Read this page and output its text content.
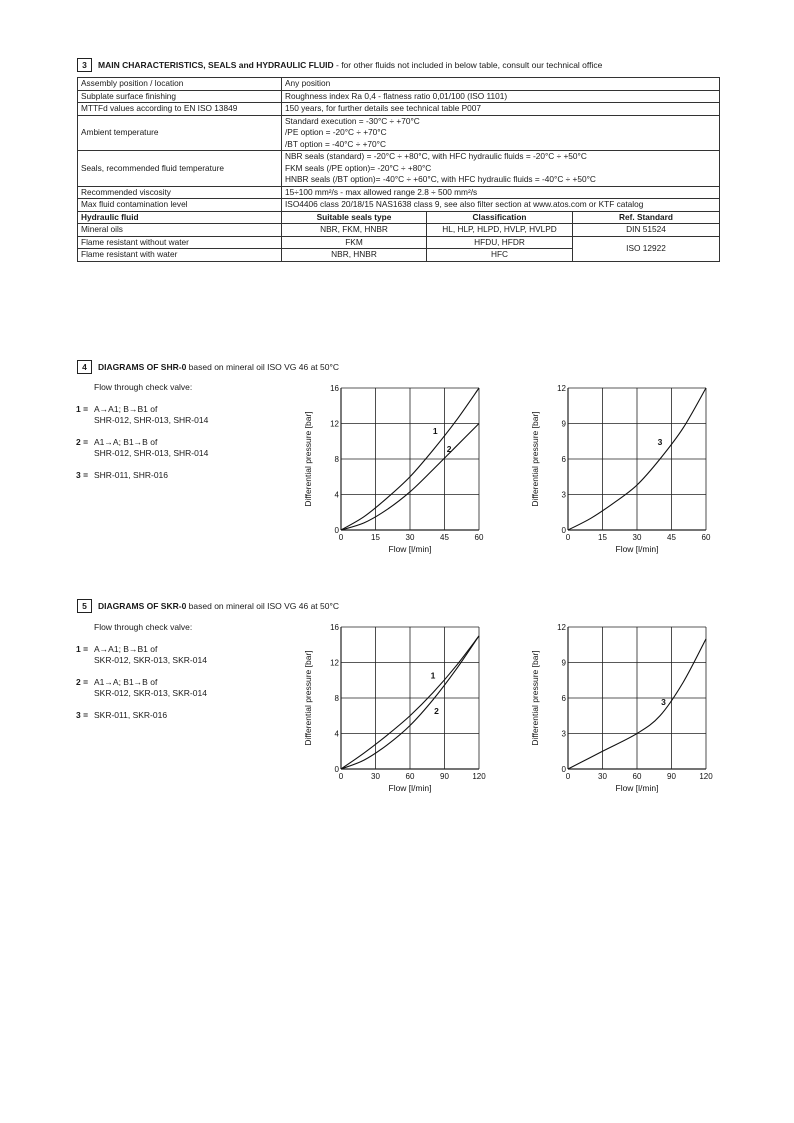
3	MAIN CHARACTERISTICS, SEALS and HYDRAULIC FLUID - for other fluids not included in below table, consult our technical office
Assembly position / location	Any position		

Subplate surface finishing	Roughness index Ra 0,4 - flatness ratio 0,01/100 (ISO 1101)		

MTTFd values according to EN ISO 13849	150 years, for further details see technical table P007		

Ambient temperature	Standard execution = -30°C ÷ +70°C
/PE option = -20°C ÷ +70°C
/BT option = -40°C ÷ +70°C		

Seals, recommended fluid temperature	NBR seals (standard) = -20°C ÷ +80°C, with HFC hydraulic fluids = -20°C ÷ +50°C
FKM seals (/PE option)= -20°C ÷ +80°C
HNBR seals (/BT option)= -40°C ÷ +60°C, with HFC hydraulic fluids = -40°C ÷ +50°C		

Recommended viscosity	15÷100 mm²/s - max allowed range 2.8 ÷ 500 mm²/s		

Max fluid contamination level	ISO4406 class 20/18/15 NAS1638 class 9, see also filter section at www.atos.com or KTF catalog		

Hydraulic fluid	Suitable seals type	Classification	Ref. Standard
Mineral oils	NBR, FKM, HNBR	HL, HLP, HLPD, HVLP, HVLPD	DIN 51524
Flame resistant without water	FKM	HFDU, HFDR	ISO 12922
Flame resistant with water	NBR, HNBR	HFC	
4	DIAGRAMS OF SHR-0 based on mineral oil ISO VG 46 at 50°C
Flow through check valve:
1 = A→A1; B→B1 of
SHR-012, SHR-013, SHR-014
2 = A1→A; B1→B of
SHR-012, SHR-013, SHR-014
3 = SHR-011, SHR-016
0	15	30	45	60
0
4
8
12
16
Flow [l/min]
Differential pressure [bar]	1
2
0	15	30	45	60
0
3
6
9
12
Flow [l/min]
Differential pressure [bar]	3
5	DIAGRAMS OF SKR-0 based on mineral oil ISO VG 46 at 50°C
Flow through check valve:
1 = A→A1; B→B1 of
SKR-012, SKR-013, SKR-014
2 = A1→A; B1→B of
SKR-012, SKR-013, SKR-014
3 = SKR-011, SKR-016
0	30	60	90	120
0
4
8
12
16
Flow [l/min]
Differential pressure [bar]	1
2
0	30	60	90	120
0
3
6
9
12
Flow [l/min]
Differential pressure [bar]	3
